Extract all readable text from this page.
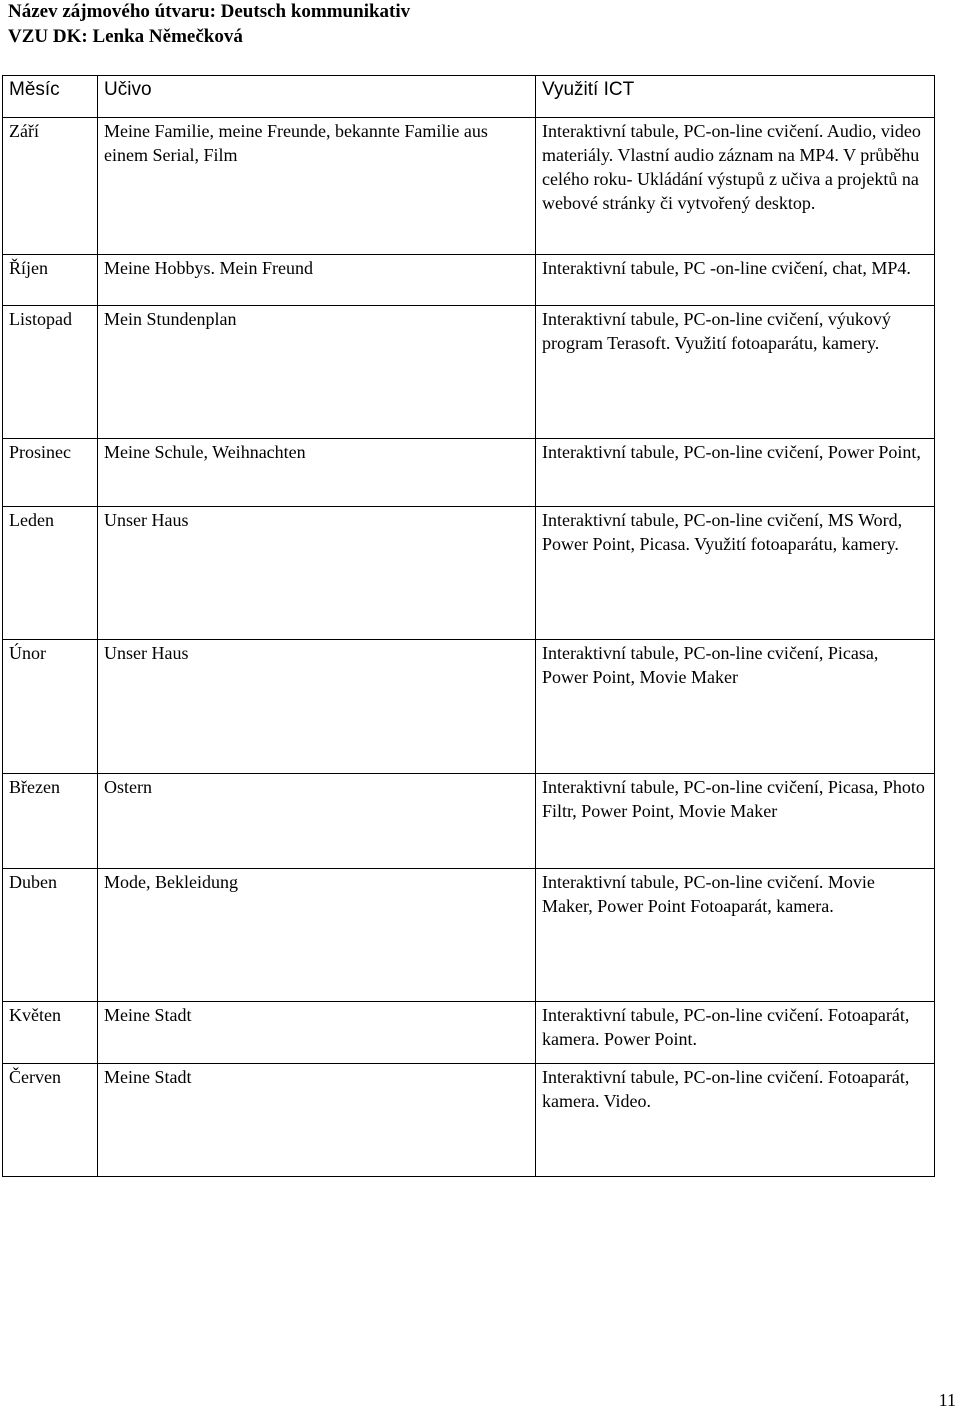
Název zájmového útvaru: Deutsch kommunikativ
VZU DK: Lenka Němečková
Měsíc	Učivo	Využití ICT
Září	Meine Familie, meine Freunde, bekannte Familie aus einem Serial, Film	Interaktivní tabule, PC-on-line cvičení. Audio, video materiály. Vlastní audio záznam na MP4. V průběhu celého roku- Ukládání výstupů z učiva a projektů na webové stránky či vytvořený desktop.
Říjen	Meine Hobbys. Mein Freund	Interaktivní tabule, PC -on-line cvičení, chat, MP4.
Listopad	Mein Stundenplan	Interaktivní tabule, PC-on-line cvičení, výukový program Terasoft. Využití fotoaparátu, kamery.
Prosinec	Meine Schule, Weihnachten	Interaktivní tabule, PC-on-line cvičení, Power Point,
Leden	Unser Haus	Interaktivní tabule, PC-on-line cvičení, MS Word, Power Point, Picasa. Využití fotoaparátu, kamery.
Únor	Unser Haus	Interaktivní tabule, PC-on-line cvičení, Picasa, Power Point, Movie Maker
Březen	Ostern	Interaktivní tabule, PC-on-line cvičení, Picasa, Photo Filtr, Power Point, Movie Maker
Duben	Mode, Bekleidung	Interaktivní tabule, PC-on-line cvičení. Movie Maker, Power Point Fotoaparát, kamera.
Květen	Meine Stadt	Interaktivní tabule, PC-on-line cvičení. Fotoaparát, kamera. Power Point.
Červen	Meine Stadt	Interaktivní tabule, PC-on-line cvičení. Fotoaparát, kamera. Video.
11
